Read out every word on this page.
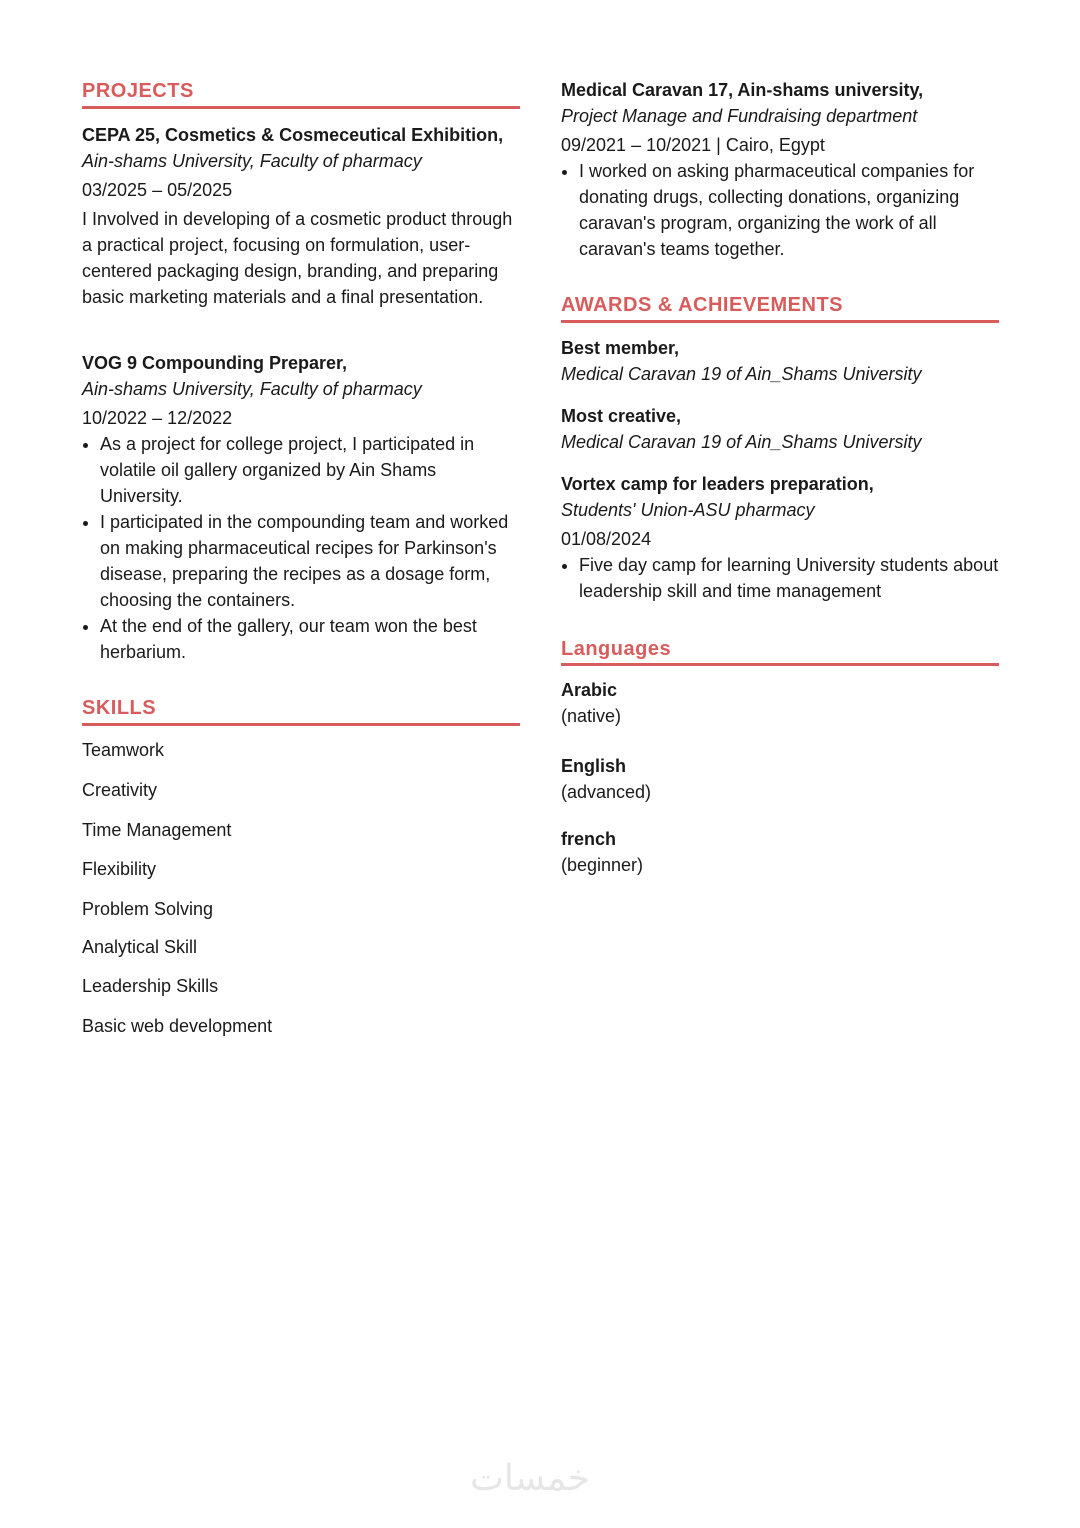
PROJECTS
CEPA 25, Cosmetics & Cosmeceutical Exhibition,
Ain-shams University, Faculty of pharmacy
03/2025 – 05/2025
I Involved in developing of a cosmetic product through a practical project, focusing on formulation, user-centered packaging design, branding, and preparing basic marketing materials and a final presentation.
VOG 9 Compounding Preparer,
Ain-shams University, Faculty of pharmacy
10/2022 – 12/2022
• As a project for college project, I participated in volatile oil gallery organized by Ain Shams University.
• I participated in the compounding team and worked on making pharmaceutical recipes for Parkinson's disease, preparing the recipes as a dosage form, choosing the containers.
• At the end of the gallery, our team won the best herbarium.
SKILLS
Teamwork
Creativity
Time Management
Flexibility
Problem Solving
Analytical Skill
Leadership Skills
Basic web development
Medical Caravan 17, Ain-shams university,
Project Manage and Fundraising department
09/2021 – 10/2021 | Cairo, Egypt
• I worked on asking pharmaceutical companies for donating drugs, collecting donations, organizing caravan's program, organizing the work of all caravan's teams together.
AWARDS & ACHIEVEMENTS
Best member,
Medical Caravan 19 of Ain_Shams University
Most creative,
Medical Caravan 19 of Ain_Shams University
Vortex camp for leaders preparation,
Students' Union-ASU pharmacy
01/08/2024
• Five day camp for learning University students about leadership skill and time management
Languages
Arabic
(native)
English
(advanced)
french
(beginner)
خمسات
